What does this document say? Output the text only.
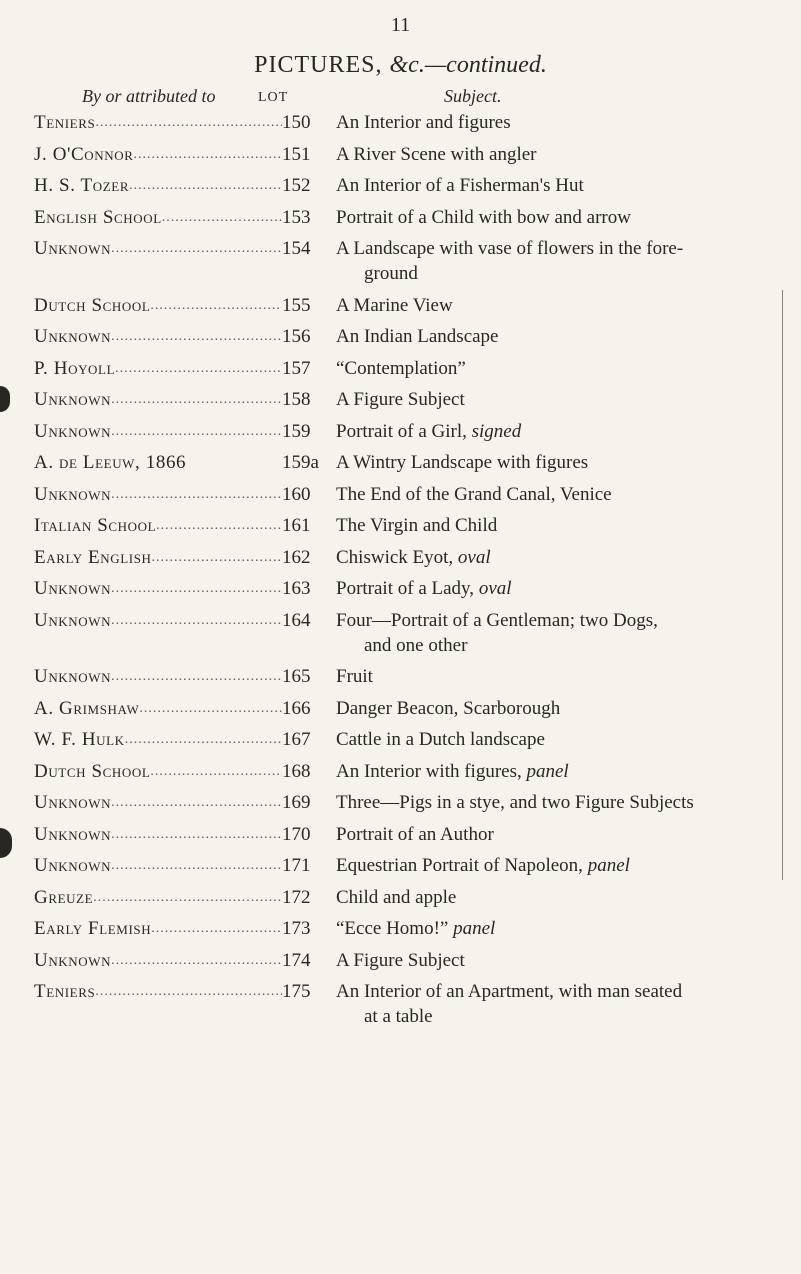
11
PICTURES, &c.—continued.
By or attributed to	LOT	Subject.
Teniers .....	150	An Interior and figures
J. O'Connor .....	151	A River Scene with angler
H. S. Tozer .....	152	An Interior of a Fisherman's Hut
English School .....	153	Portrait of a Child with bow and arrow
Unknown .....	154	A Landscape with vase of flowers in the fore-
ground
Dutch School .....	155	A Marine View
Unknown .....	156	An Indian Landscape
P. Hoyoll .....	157	“Contemplation”
Unknown .....	158	A Figure Subject
Unknown .....	159	Portrait of a Girl, signed
A. de Leeuw, 1866	159a A Wintry Landscape with figures
Unknown .....	160	The End of the Grand Canal, Venice
Italian School .....	161	The Virgin and Child
Early English .....	162	Chiswick Eyot, oval
Unknown .....	163	Portrait of a Lady, oval
Unknown .....	164	Four—Portrait of a Gentleman; two Dogs,
and one other
Unknown .....	165	Fruit
A. Grimshaw .....	166	Danger Beacon, Scarborough
W. F. Hulk .....	167	Cattle in a Dutch landscape
Dutch School .....	168	An Interior with figures, panel
Unknown .....	169	Three—Pigs in a stye, and two Figure Subjects
Unknown .....	170	Portrait of an Author
Unknown .....	171	Equestrian Portrait of Napoleon, panel
Greuze .....	172	Child and apple
Early Flemish .....	173	“Ecce Homo!” panel
Unknown .....	174	A Figure Subject
Teniers .....	175	An Interior of an Apartment, with man seated
at a table
